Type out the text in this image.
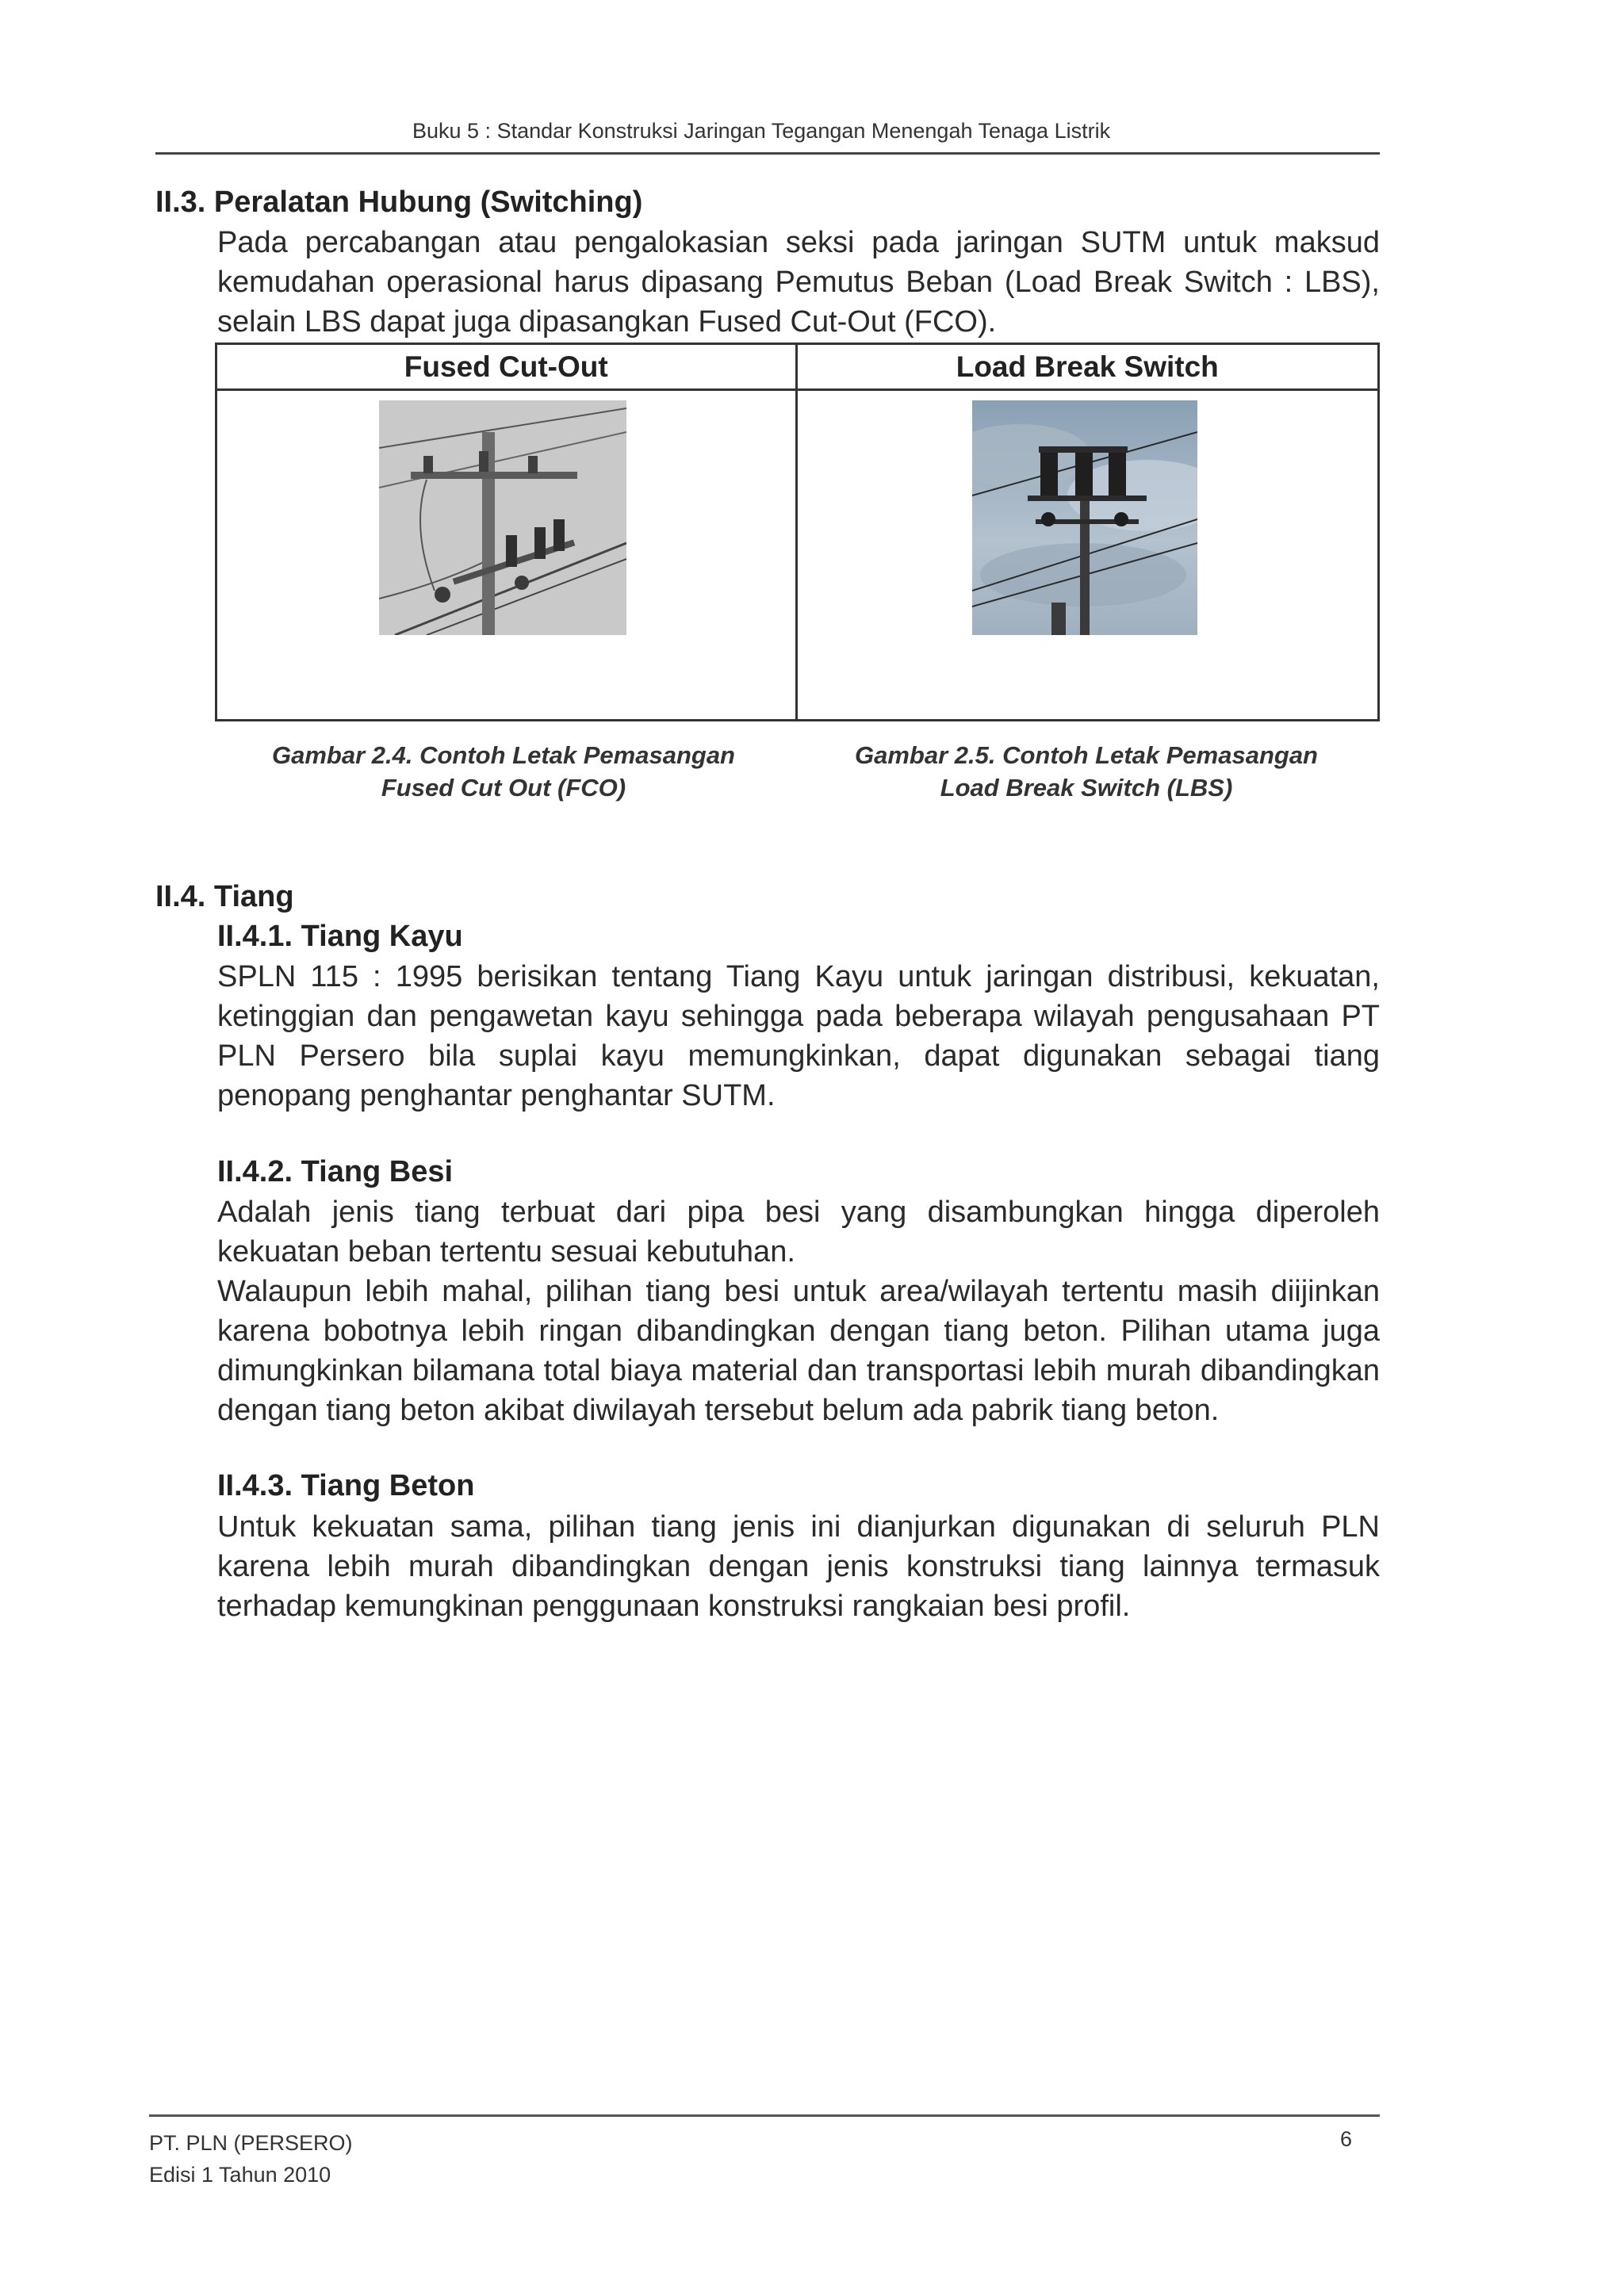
Buku 5 : Standar Konstruksi Jaringan Tegangan Menengah Tenaga Listrik
II.3. Peralatan Hubung (Switching)

Pada percabangan atau pengalokasian seksi pada jaringan SUTM untuk maksud kemudahan operasional harus dipasang Pemutus Beban (Load Break Switch : LBS), selain LBS dapat juga dipasangkan Fused Cut-Out (FCO).

Fused Cut-Out	Load Break Switch
Gambar 2.4. Contoh Letak Pemasangan
Fused Cut Out (FCO)
Gambar 2.5. Contoh Letak Pemasangan
Load Break Switch (LBS)
II.4. Tiang
II.4.1. Tiang Kayu

SPLN 115 : 1995 berisikan tentang Tiang Kayu untuk jaringan distribusi, kekuatan, ketinggian dan pengawetan kayu sehingga pada beberapa wilayah pengusahaan PT PLN Persero bila suplai kayu memungkinkan, dapat digunakan sebagai tiang penopang penghantar penghantar SUTM.

II.4.2. Tiang Besi

Adalah jenis tiang terbuat dari pipa besi yang disambungkan hingga diperoleh kekuatan beban tertentu sesuai kebutuhan.

Walaupun lebih mahal, pilihan tiang besi untuk area/wilayah tertentu masih diijinkan karena bobotnya lebih ringan dibandingkan dengan tiang beton. Pilihan utama juga dimungkinkan bilamana total biaya material dan transportasi lebih murah dibandingkan dengan tiang beton akibat diwilayah tersebut belum ada pabrik tiang beton.

II.4.3. Tiang Beton

Untuk kekuatan sama, pilihan tiang jenis ini dianjurkan digunakan di seluruh PLN karena lebih murah dibandingkan dengan jenis konstruksi tiang lainnya termasuk terhadap kemungkinan penggunaan konstruksi rangkaian besi profil.

PT. PLN (PERSERO)
Edisi 1 Tahun 2010
6
